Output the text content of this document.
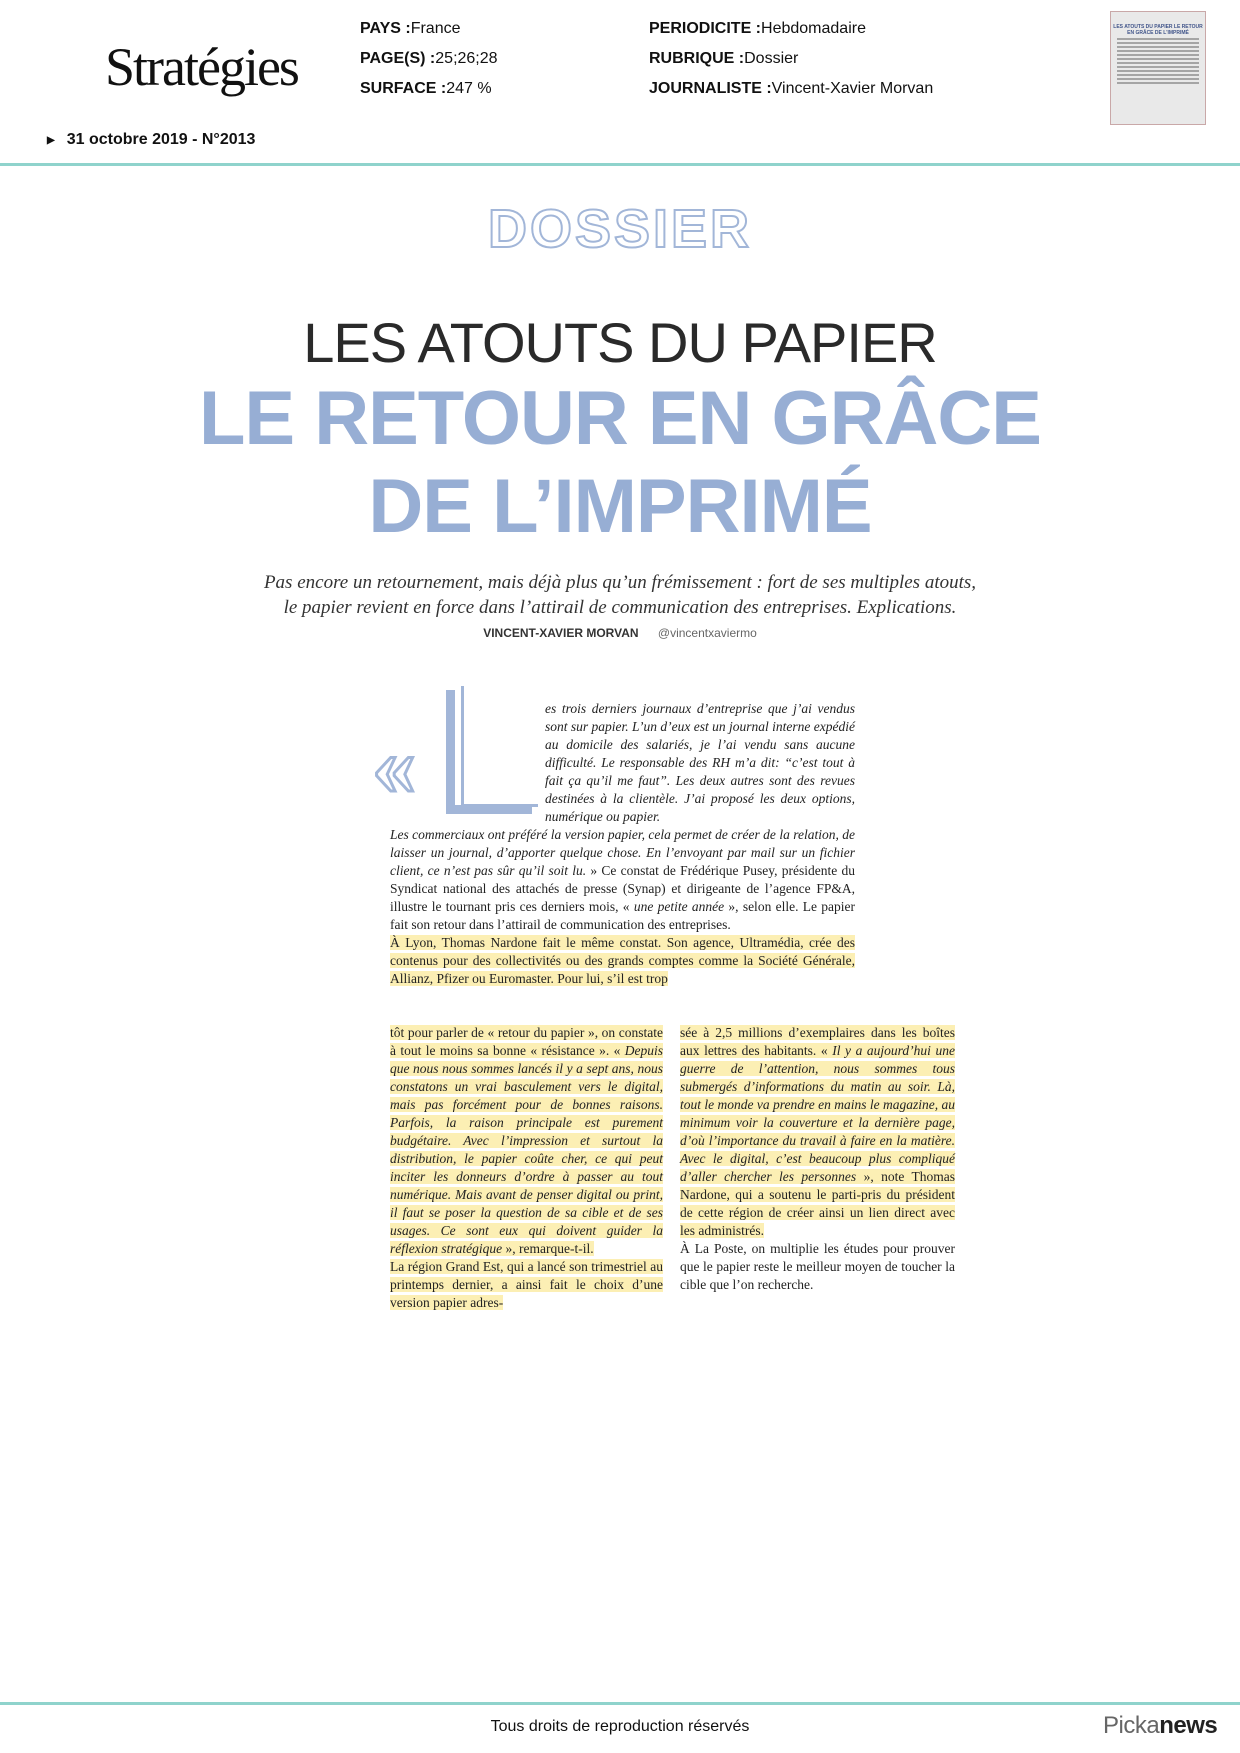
Stratégies
PAYS :France
PAGE(S) :25;26;28
SURFACE :247 %
PERIODICITE :Hebdomadaire
RUBRIQUE :Dossier
JOURNALISTE :Vincent-Xavier Morvan
LES ATOUTS DU PAPIER LE RETOUR EN GRÂCE DE L'IMPRIMÉ
▶ 31 octobre 2019 - N°2013
DOSSIER
LES ATOUTS DU PAPIER
LE RETOUR EN GRÂCE
DE L’IMPRIMÉ
Pas encore un retournement, mais déjà plus qu’un frémissement : fort de ses multiples atouts,
le papier revient en force dans l’attirail de communication des entreprises. Explications.
VINCENT-XAVIER MORVAN @vincentxaviermo
«

es trois derniers journaux d’entreprise que j’ai vendus sont sur papier. L’un d’eux est un journal interne expédié au domicile des salariés, je l’ai vendu sans aucune difficulté. Le responsable des RH m’a dit: “c’est tout à fait ça qu’il me faut”. Les deux autres sont des revues destinées à la clientèle. J’ai proposé les deux options, numérique ou papier.

Les commerciaux ont préféré la version papier, cela permet de créer de la relation, de laisser un journal, d’apporter quelque chose. En l’envoyant par mail sur un fichier client, ce n’est pas sûr qu’il soit lu. » Ce constat de Frédérique Pusey, présidente du Syndicat national des attachés de presse (Synap) et dirigeante de l’agence FP&A, illustre le tournant pris ces derniers mois, « une petite année », selon elle. Le papier fait son retour dans l’attirail de communication des entreprises.

À Lyon, Thomas Nardone fait le même constat. Son agence, Ultramédia, crée des contenus pour des collectivités ou des grands comptes comme la Société Générale, Allianz, Pfizer ou Euromaster. Pour lui, s’il est trop

tôt pour parler de « retour du papier », on constate à tout le moins sa bonne « résistance ». « Depuis que nous nous sommes lancés il y a sept ans, nous constatons un vrai basculement vers le digital, mais pas forcément pour de bonnes raisons. Parfois, la raison principale est purement budgétaire. Avec l’impression et surtout la distribution, le papier coûte cher, ce qui peut inciter les donneurs d’ordre à passer au tout numérique. Mais avant de penser digital ou print, il faut se poser la question de sa cible et de ses usages. Ce sont eux qui doivent guider la réflexion stratégique », remarque-t-il.

La région Grand Est, qui a lancé son trimestriel au printemps dernier, a ainsi fait le choix d’une version papier adres-

sée à 2,5 millions d’exemplaires dans les boîtes aux lettres des habitants. « Il y a aujourd’hui une guerre de l’attention, nous sommes tous submergés d’informations du matin au soir. Là, tout le monde va prendre en mains le magazine, au minimum voir la couverture et la dernière page, d’où l’importance du travail à faire en la matière. Avec le digital, c’est beaucoup plus compliqué d’aller chercher les personnes », note Thomas Nardone, qui a soutenu le parti-pris du président de cette région de créer ainsi un lien direct avec les administrés.

À La Poste, on multiplie les études pour prouver que le papier reste le meilleur moyen de toucher la cible que l’on recherche.

Tous droits de reproduction réservés	Pickanews
